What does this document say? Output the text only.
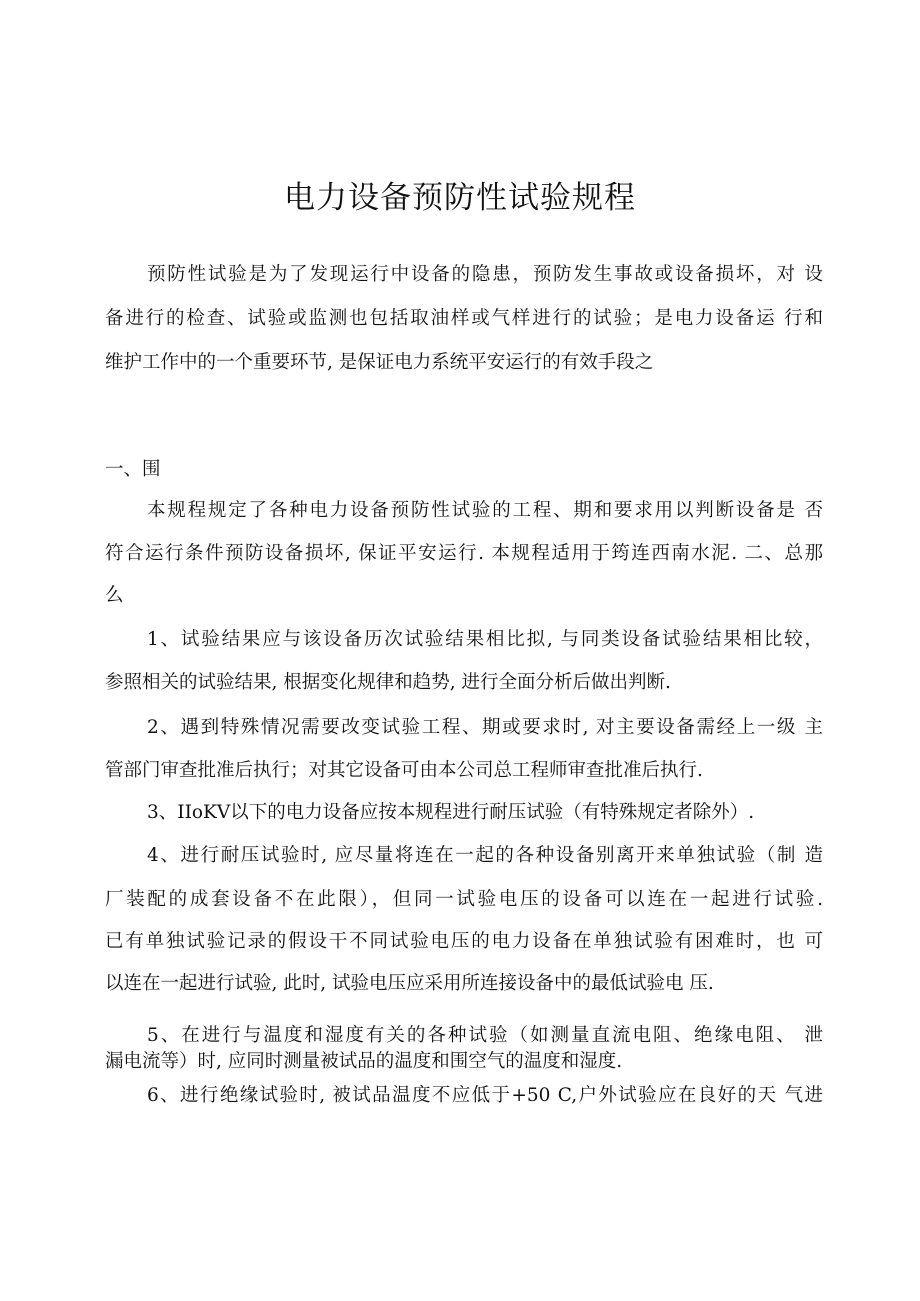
电力设备预防性试验规程

预防性试验是为了发现运行中设备的隐患，预防发生事故或设备损坏，对 设

备进行的检查、试验或监测也包括取油样或气样进行的试验；是电力设备运 行和

维护工作中的一个重要环节, 是保证电力系统平安运行的有效手段之

一、围

本规程规定了各种电力设备预防性试验的工程、期和要求用以判断设备是 否

符合运行条件预防设备损坏, 保证平安运行. 本规程适用于筠连西南水泥. 二、总那

么

1、试验结果应与该设备历次试验结果相比拟, 与同类设备试验结果相比较，

参照相关的试验结果, 根据变化规律和趋势, 进行全面分析后做出判断.

2、遇到特殊情况需要改变试验工程、期或要求时, 对主要设备需经上一级 主

管部门审查批准后执行；对其它设备可由本公司总工程师审查批准后执行.

3、IIoKV以下的电力设备应按本规程进行耐压试验（有特殊规定者除外）.

4、进行耐压试验时, 应尽量将连在一起的各种设备别离开来单独试验（制 造

厂装配的成套设备不在此限），但同一试验电压的设备可以连在一起进行试验.

已有单独试验记录的假设干不同试验电压的电力设备在单独试验有困难时，也 可

以连在一起进行试验, 此时, 试验电压应采用所连接设备中的最低试验电 压.

5、在进行与温度和湿度有关的各种试验（如测量直流电阻、绝缘电阻、 泄

漏电流等）时, 应同时测量被试品的温度和围空气的温度和湿度.

6、进行绝缘试验时, 被试品温度不应低于+50 C,户外试验应在良好的天 气进
